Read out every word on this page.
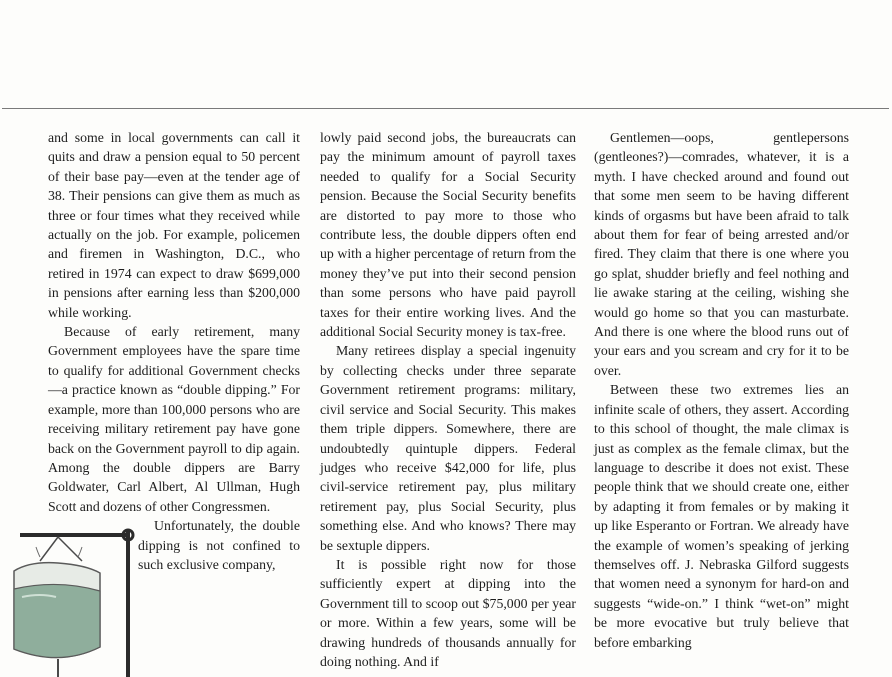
and some in local governments can call it quits and draw a pension equal to 50 percent of their base pay—even at the tender age of 38. Their pensions can give them as much as three or four times what they received while actually on the job. For example, policemen and firemen in Washington, D.C., who retired in 1974 can expect to draw $699,000 in pensions after earning less than $200,000 while working.

Because of early retirement, many Government employees have the spare time to qualify for additional Government checks—a practice known as “double dipping.” For example, more than 100,000 persons who are receiving military retirement pay have gone back on the Government payroll to dip again. Among the double dippers are Barry Goldwater, Carl Albert, Al Ullman, Hugh Scott and dozens of other Congressmen.

Unfortunately, the double dipping is not confined to such exclusive company,

lowly paid second jobs, the bureaucrats can pay the minimum amount of payroll taxes needed to qualify for a Social Security pension. Because the Social Security benefits are distorted to pay more to those who contribute less, the double dippers often end up with a higher percentage of return from the money they’ve put into their second pension than some persons who have paid payroll taxes for their entire working lives. And the additional Social Security money is tax-free.

Many retirees display a special ingenuity by collecting checks under three separate Government retirement programs: military, civil service and Social Security. This makes them triple dippers. Somewhere, there are undoubtedly quintuple dippers. Federal judges who receive $42,000 for life, plus civil-service retirement pay, plus military retirement pay, plus Social Security, plus something else. And who knows? There may be sextuple dippers.

It is possible right now for those sufficiently expert at dipping into the Government till to scoop out $75,000 per year or more. Within a few years, some will be drawing hundreds of thousands annually for doing nothing. And if

Gentlemen—oops, gentlepersons (gentleones?)—comrades, whatever, it is a myth. I have checked around and found out that some men seem to be having different kinds of orgasms but have been afraid to talk about them for fear of being arrested and/or fired. They claim that there is one where you go splat, shudder briefly and feel nothing and lie awake staring at the ceiling, wishing she would go home so that you can masturbate. And there is one where the blood runs out of your ears and you scream and cry for it to be over.

Between these two extremes lies an infinite scale of others, they assert. According to this school of thought, the male climax is just as complex as the female climax, but the language to describe it does not exist. These people think that we should create one, either by adapting it from females or by making it up like Esperanto or Fortran. We already have the example of women’s speaking of jerking themselves off. J. Nebraska Gilford suggests that women need a synonym for hard-on and suggests “wide-on.” I think “wet-on” might be more evocative but truly believe that before embarking
